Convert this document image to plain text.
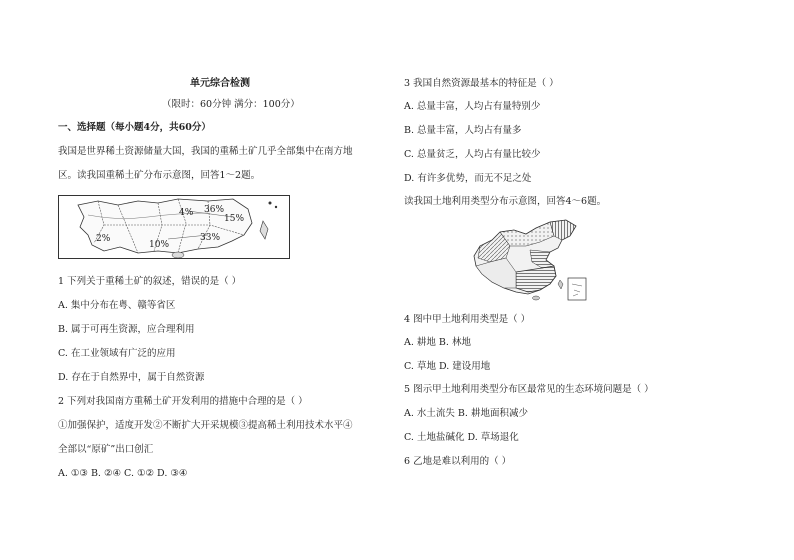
单元综合检测
（限时：60分钟 满分：100分）
一、选择题（每小题4分，共60分）
我国是世界稀土资源储量大国，我国的重稀土矿几乎全部集中在南方地
区。读我国重稀土矿分布示意图，回答1～2题。
4% 36%
15%
33%
2%
10%
1 下列关于重稀土矿的叙述，错误的是（ ）
A. 集中分布在粤、赣等省区
B. 属于可再生资源，应合理利用
C. 在工业领域有广泛的应用
D. 存在于自然界中，属于自然资源
2 下列对我国南方重稀土矿开发利用的措施中合理的是（ ）
①加强保护，适度开发②不断扩大开采规模③提高稀土利用技术水平④
全部以“原矿”出口创汇
A. ①③ B. ②④ C. ①② D. ③④
3 我国自然资源最基本的特征是（ ）
A. 总量丰富，人均占有量特别少
B. 总量丰富，人均占有量多
C. 总量贫乏，人均占有量比较少
D. 有许多优势，而无不足之处
读我国土地利用类型分布示意图，回答4～6题。
4 图中甲土地利用类型是（ ）
A. 耕地 B. 林地
C. 草地 D. 建设用地
5 图示甲土地利用类型分布区最常见的生态环境问题是（ ）
A. 水土流失 B. 耕地面积减少
C. 土地盐碱化 D. 草场退化
6 乙地是难以利用的（ ）
